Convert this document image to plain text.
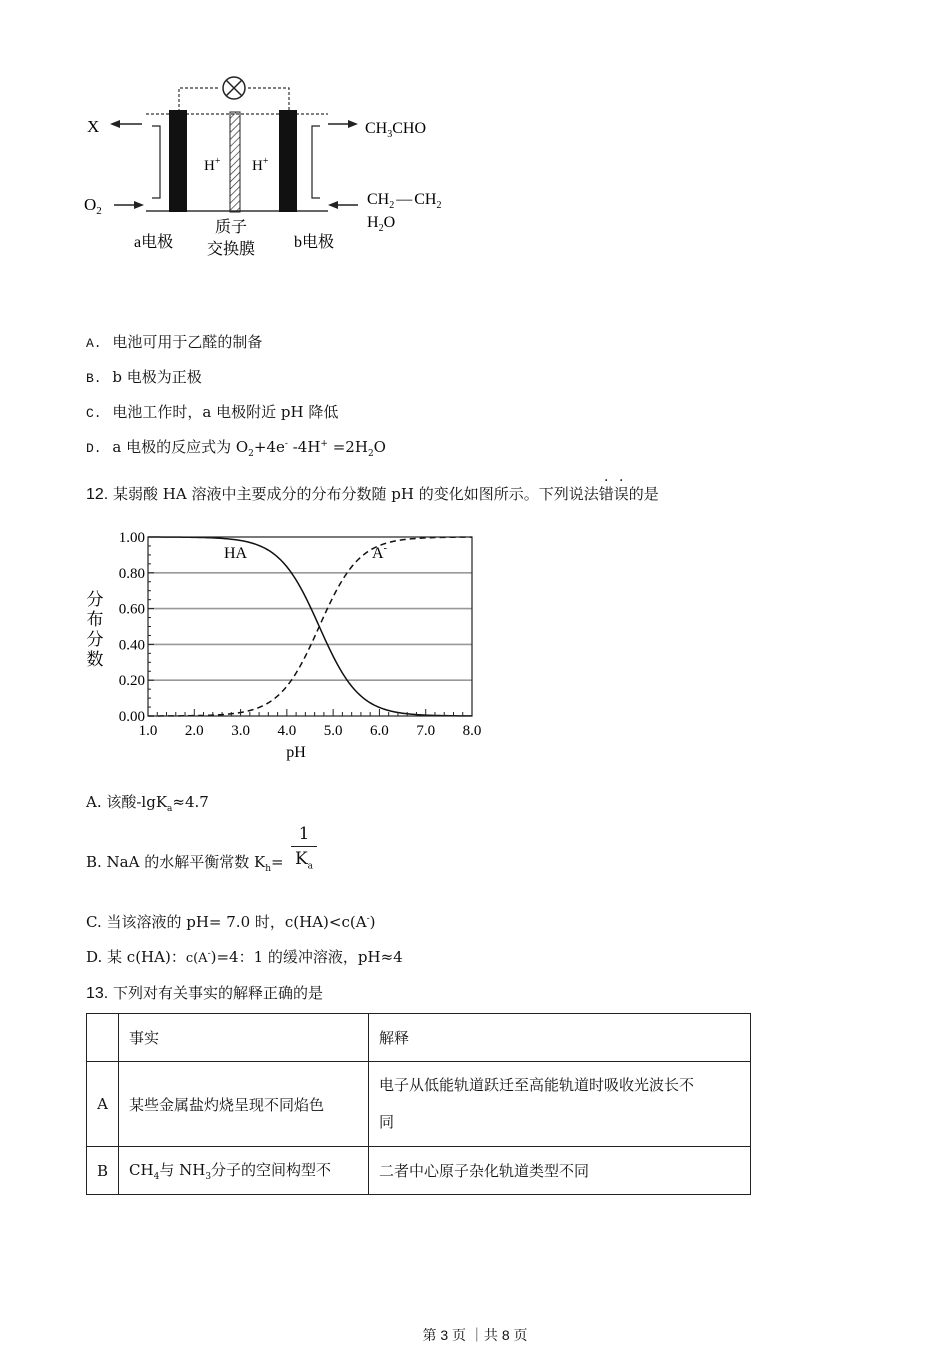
X
$O_2$
H+ H+
$CH_3CHO$
$CH_2$ — $CH_2$
$H_2O$
a电极
质子
交换膜 b电极
A. 电池可用于乙醛的制备
B. b 电极为正极
C. 电池工作时，a 电极附近 pH 降低
D. a 电极的反应式为 $O_2+4e^-$ $-4H^+ =2H_2O$
12. 某弱酸 HA 溶液中主要成分的分布分数随 pH 的变化如图所示。下列说法错误的是
0.00
0.20
0.40
0.60
0.80
1.00
1.0 2.0 3.0 4.0 5.0 6.0 7.0 8.0
pH
分
布
分
数
HA	A-
A. 该酸-lgK$_a$≈4.7
B. NaA 的水解平衡常数 $K_h=$
1
$K_a$
C. 当该溶液的 pH= 7.0 时，c(HA)<c(A-)
D. 某 c(HA)：c(A-)=4：1 的缓冲溶液，pH≈4
13. 下列对有关事实的解释正确的是
	事实	解释
A	某些金属盐灼烧呈现不同焰色	电子从低能轨道跃迁至高能轨道时吸收光波长不
同

B	$CH_4$与 $NH_3$分子的空间构型不	二者中心原子杂化轨道类型不同
第 3 页 ｜共 8 页
